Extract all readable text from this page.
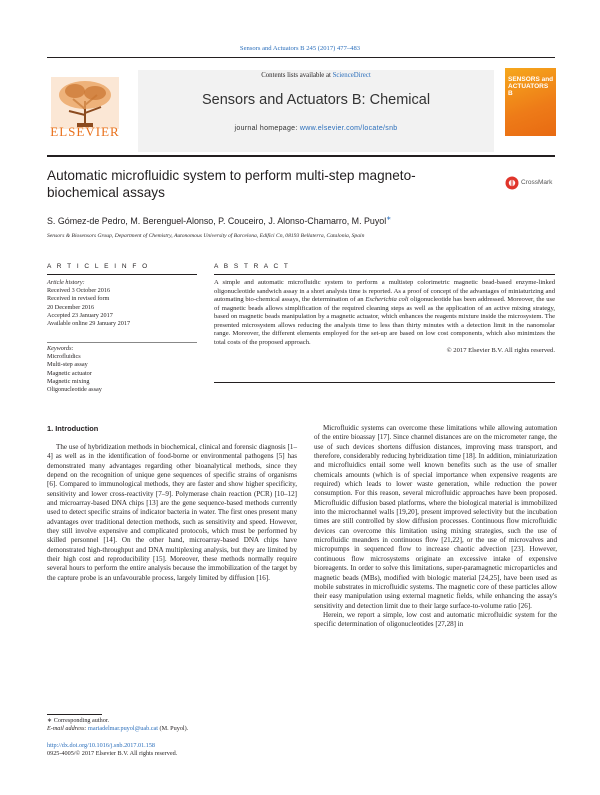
Sensors and Actuators B 245 (2017) 477–483
Contents lists available at ScienceDirect
Sensors and Actuators B: Chemical
journal homepage: www.elsevier.com/locate/snb
ELSEVIER
SENSORS and ACTUATORS B
Automatic microfluidic system to perform multi-step magneto-biochemical assays
CrossMark
S. Gómez-de Pedro, M. Berenguel-Alonso, P. Couceiro, J. Alonso-Chamarro, M. Puyol∗
Sensors & Biosensors Group, Department of Chemistry, Autonomous University of Barcelona, Edifici Cn, 08193 Bellaterra, Catalonia, Spain
A R T I C L E I N F O	A B S T R A C T
Article history:
Received 3 October 2016
Received in revised form
20 December 2016
Accepted 23 January 2017
Available online 29 January 2017
Keywords:
Microfluidics
Multi-step assay
Magnetic actuator
Magnetic mixing
Oligonucleotide assay
A simple and automatic microfluidic system to perform a multistep colorimetric magnetic bead-based enzyme-linked oligonucleotide sandwich assay in a short analysis time is reported. As a proof of concept of the advantages of miniaturizing and automating bio-chemical assays, the determination of an Escherichia coli oligonucleotide has been addressed. Moreover, the use of magnetic beads allows simplification of the required cleaning steps as well as the application of an active mixing strategy, based on magnetic beads manipulation by a magnetic actuator, which enhances the reagents mixture inside the microsystem. The presented microsystem allows reducing the analysis time to less than thirty minutes with a detection limit in the nanomolar range. Moreover, the different elements employed for the set-up are based on low cost components, which also minimizes the total costs of the proposed approach.
© 2017 Elsevier B.V. All rights reserved.
1. Introduction

The use of hybridization methods in biochemical, clinical and forensic diagnosis [1–4] as well as in the identification of food-borne or environmental pathogens [5] has demonstrated many advantages regarding other bioanalytical methods, since they depend on the recognition of unique gene sequences of specific strains of organisms [6]. Compared to immunological methods, they are faster and show higher specificity, sensitivity and lower cross-reactivity [7–9]. Polymerase chain reaction (PCR) [10–12] and microarray-based DNA chips [13] are the gene sequence-based methods currently used to detect specific strains of indicator bacteria in water. The first ones present many advantages over traditional detection methods, such as sensitivity and speed. However, they still involve expensive and complicated protocols, which must be performed by skilled personnel [14]. On the other hand, microarray-based DNA chips have demonstrated high-throughput and DNA multiplexing analysis, but they are limited by their high cost and reproducibility [15]. Moreover, these methods normally require several hours to perform the entire analysis because the immobilization of the target by the capture probe is an unfavourable process, largely limited by diffusion [16].

Microfluidic systems can overcome these limitations while allowing automation of the entire bioassay [17]. Since channel distances are on the micrometer range, the use of such devices shortens diffusion distances, improving mass transport, and therefore, considerably reducing hybridization time [18]. In addition, miniaturization and microfluidics entail some well known benefits such as the use of smaller chemicals amounts (which is of special importance when expensive reagents are required) which leads to lower waste generation, while reduction the power consumption. For this reason, several microfluidic approaches have been proposed. Microfluidic diffusion based platforms, where the biological material is immobilized into the microchannel walls [19,20], present improved selectivity but the incubation times are still controlled by slow diffusion processes. Continuous flow microfluidic devices can overcome this limitation using mixing strategies, such the use of microfluidic meanders in continuous flow [21,22], or the use of microvalves and micropumps in sequenced flow to increase chaotic advection [23]. However, continuous flow microsystems originate an excessive intake of expensive bioreagents. In order to solve this limitations, super-paramagnetic microparticles and magnetic beads (MBs), modified with biologic material [24,25], have been used as mobile substrates in microfluidic systems. The magnetic core of these particles allow their easy manipulation using external magnetic fields, while enhancing the assay's sensitivity and detection limit due to their large surface-to-volume ratio [26].

Herein, we report a simple, low cost and automatic microfluidic system for the specific determination of oligonucleotides [27,28] in

∗ Corresponding author.
E-mail address: mariadelmar.puyol@uab.cat (M. Puyol).
http://dx.doi.org/10.1016/j.snb.2017.01.158
0925-4005/© 2017 Elsevier B.V. All rights reserved.
